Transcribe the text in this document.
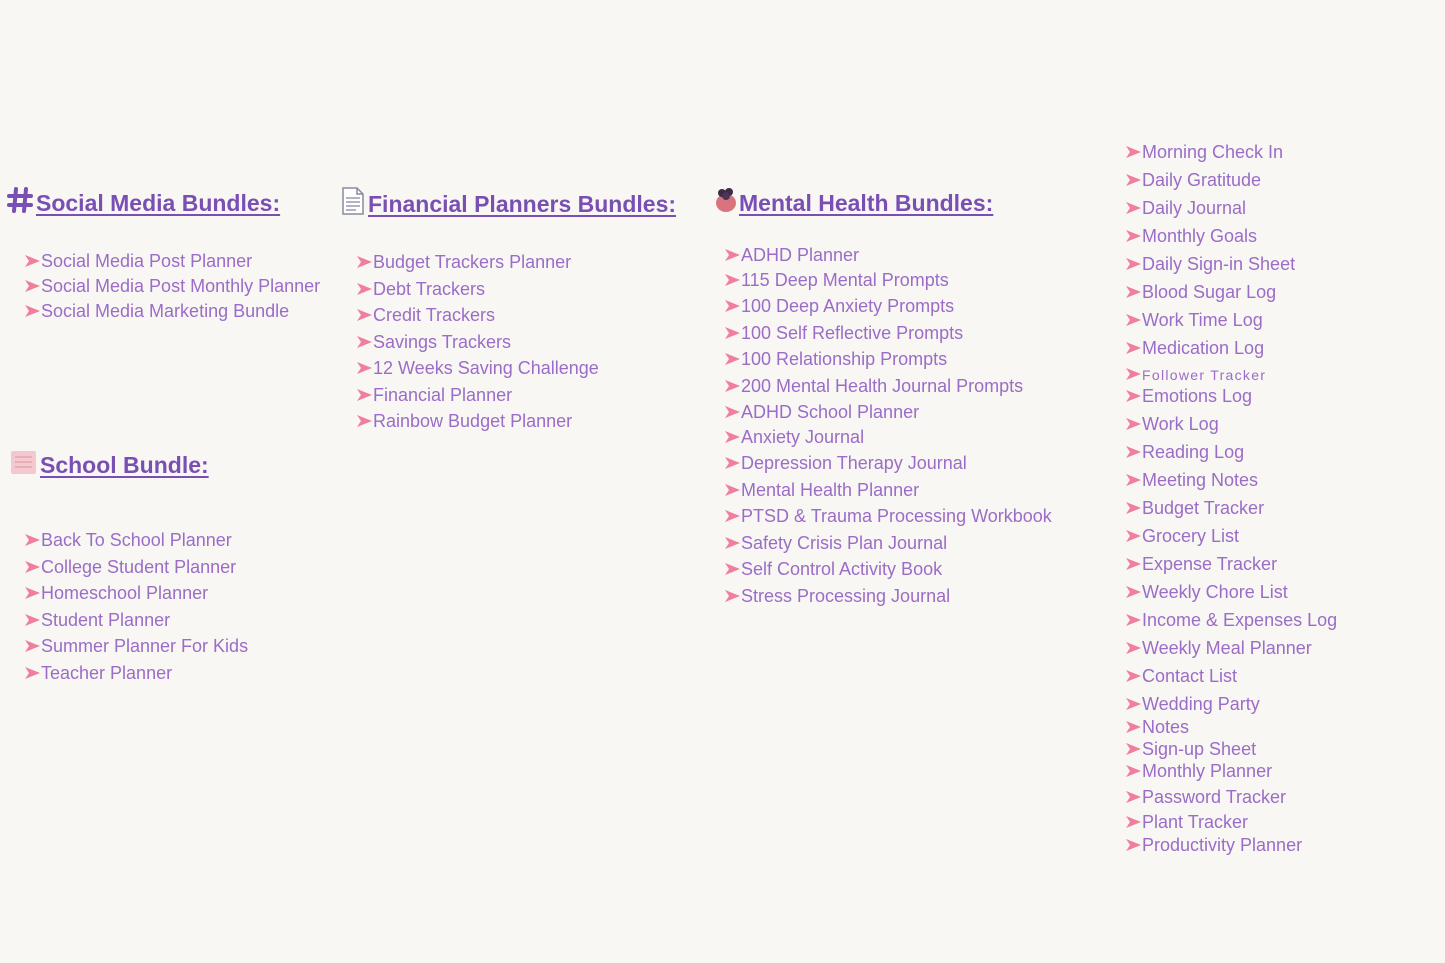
Social Media Bundles:
Social Media Post Planner
Social Media Post Monthly Planner
Social Media Marketing Bundle
School Bundle:
Back To School Planner
College Student Planner
Homeschool Planner
Student Planner
Summer Planner For Kids
Teacher Planner
Financial Planners Bundles:
Budget Trackers Planner
Debt Trackers
Credit Trackers
Savings Trackers
12 Weeks Saving Challenge
Financial Planner
Rainbow Budget Planner
Mental Health Bundles:
ADHD Planner
115 Deep Mental Prompts
100 Deep Anxiety Prompts
100 Self Reflective Prompts
100 Relationship Prompts
200 Mental Health Journal Prompts
ADHD School Planner
Anxiety Journal
Depression Therapy Journal
Mental Health Planner
PTSD & Trauma Processing Workbook
Safety Crisis Plan Journal
Self Control Activity Book
Stress Processing Journal
Morning Check In
Daily Gratitude
Daily Journal
Monthly Goals
Daily Sign-in Sheet
Blood Sugar Log
Work Time Log
Medication Log
Follower Tracker
Emotions Log
Work Log
Reading Log
Meeting Notes
Budget Tracker
Grocery List
Expense Tracker
Weekly Chore List
Income & Expenses Log
Weekly Meal Planner
Contact List
Wedding Party
Notes
Sign-up Sheet
Monthly Planner
Password Tracker
Plant Tracker
Productivity Planner
